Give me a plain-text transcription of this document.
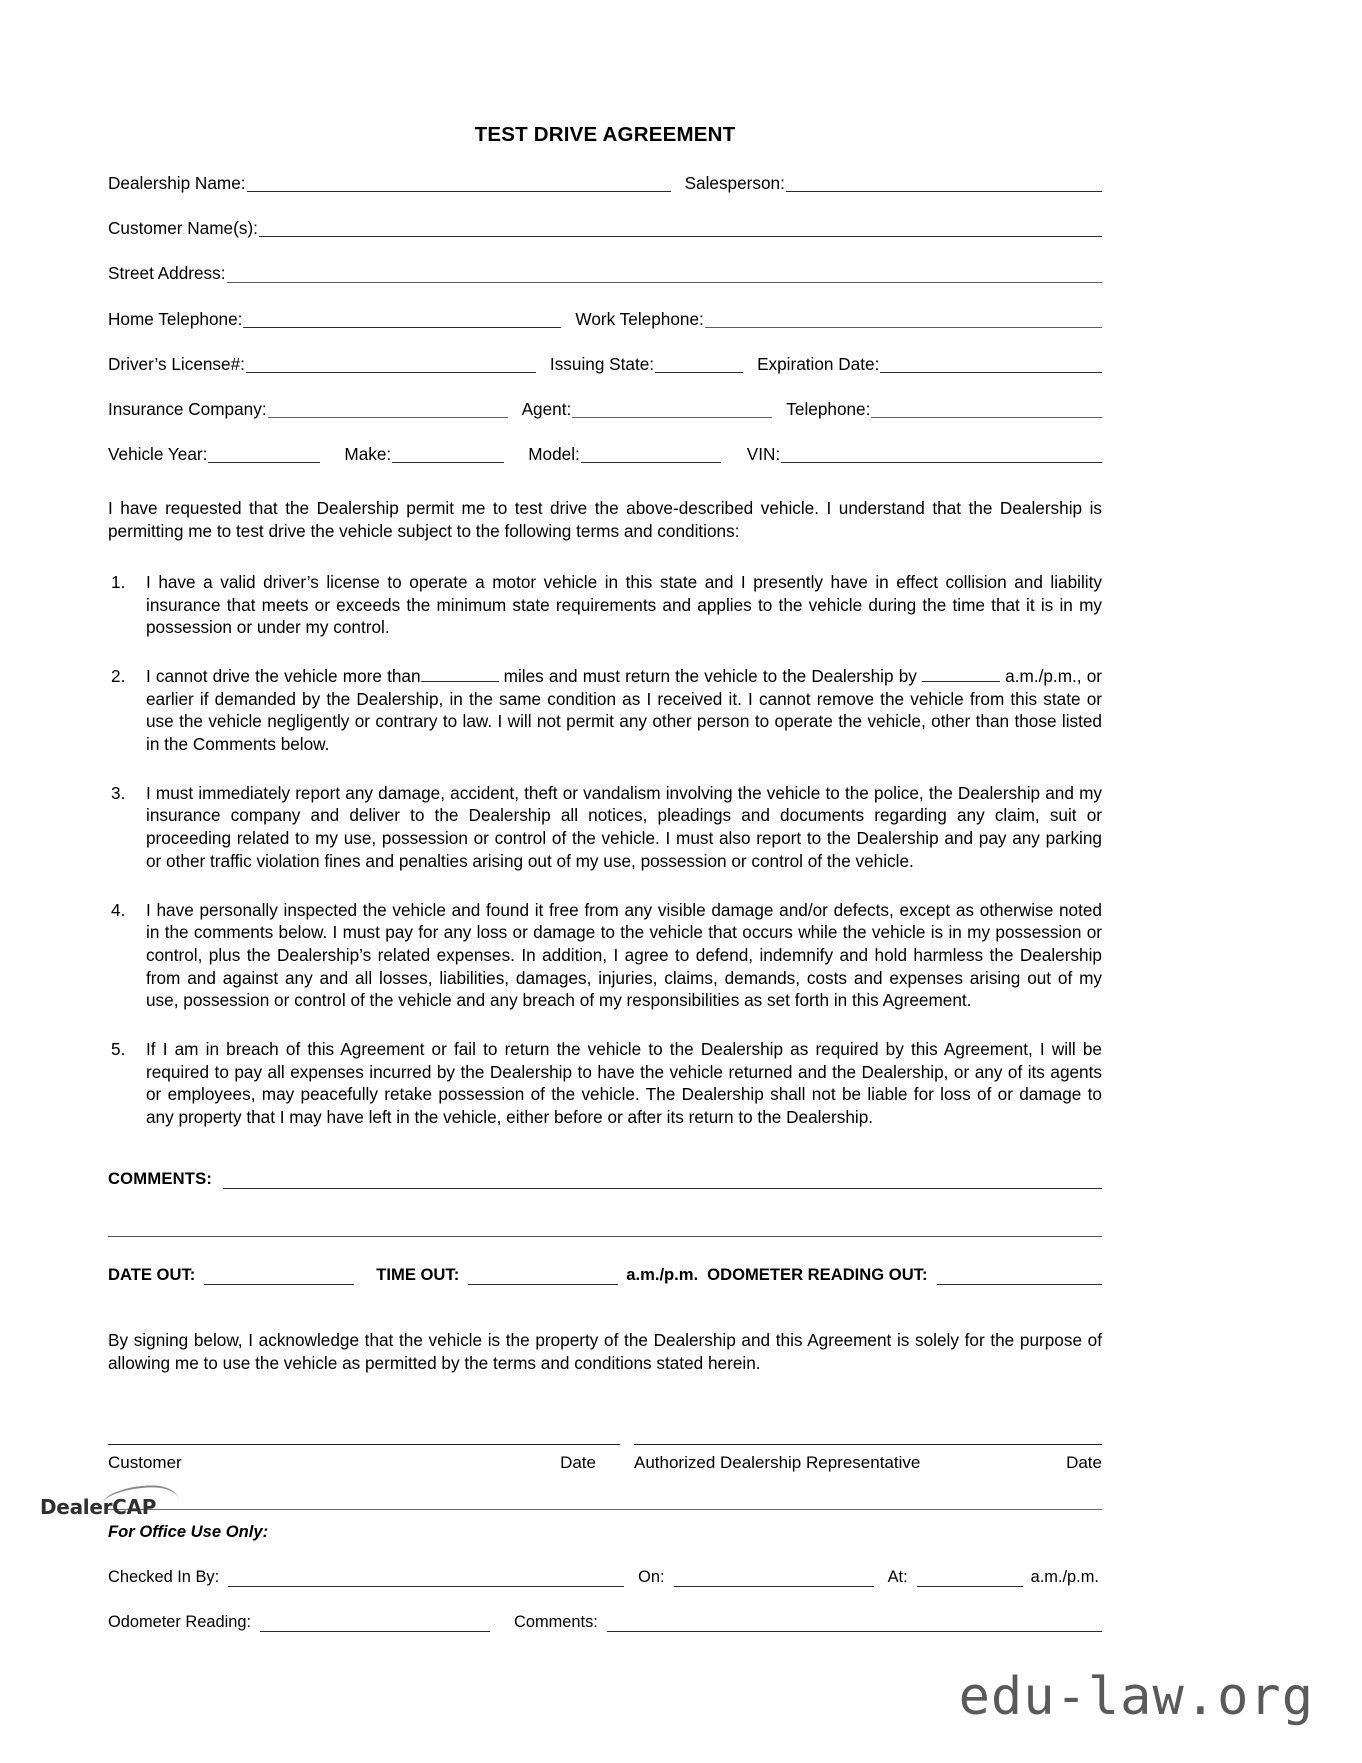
TEST DRIVE AGREEMENT
Dealership Name:	Salesperson:
Customer Name(s):
Street Address:
Home Telephone:	Work Telephone:
Driver’s License#:	Issuing State:	Expiration Date:
Insurance Company:	Agent:	Telephone:
Vehicle Year:	Make:	Model:	VIN:
I have requested that the Dealership permit me to test drive the above-described vehicle. I understand that the Dealership is permitting me to test drive the vehicle subject to the following terms and conditions:
I have a valid driver’s license to operate a motor vehicle in this state and I presently have in effect collision and liability insurance that meets or exceeds the minimum state requirements and applies to the vehicle during the time that it is in my possession or under my control.
I cannot drive the vehicle more than	miles and must return the vehicle to the Dealership by	a.m./p.m., or earlier if demanded by the Dealership, in the same condition as I received it. I cannot remove the vehicle from this state or use the vehicle negligently or contrary to law. I will not permit any other person to operate the vehicle, other than those listed in the Comments below.
I must immediately report any damage, accident, theft or vandalism involving the vehicle to the police, the Dealership and my insurance company and deliver to the Dealership all notices, pleadings and documents regarding any claim, suit or proceeding related to my use, possession or control of the vehicle. I must also report to the Dealership and pay any parking or other traffic violation fines and penalties arising out of my use, possession or control of the vehicle.
I have personally inspected the vehicle and found it free from any visible damage and/or defects, except as otherwise noted in the comments below. I must pay for any loss or damage to the vehicle that occurs while the vehicle is in my possession or control, plus the Dealership’s related expenses. In addition, I agree to defend, indemnify and hold harmless the Dealership from and against any and all losses, liabilities, damages, injuries, claims, demands, costs and expenses arising out of my use, possession or control of the vehicle and any breach of my responsibilities as set forth in this Agreement.
If I am in breach of this Agreement or fail to return the vehicle to the Dealership as required by this Agreement, I will be required to pay all expenses incurred by the Dealership to have the vehicle returned and the Dealership, or any of its agents or employees, may peacefully retake possession of the vehicle. The Dealership shall not be liable for loss of or damage to any property that I may have left in the vehicle, either before or after its return to the Dealership.
COMMENTS:
DATE OUT:	TIME OUT:	a.m./p.m. ODOMETER READING OUT:
By signing below, I acknowledge that the vehicle is the property of the Dealership and this Agreement is solely for the purpose of allowing me to use the vehicle as permitted by the terms and conditions stated herein.
Customer	Date Authorized Dealership Representative	Date
For Office Use Only:
Checked In By:	On:	At:	a.m./p.m.
Odometer Reading:	Comments:
DealerCAP
edu-law.org
